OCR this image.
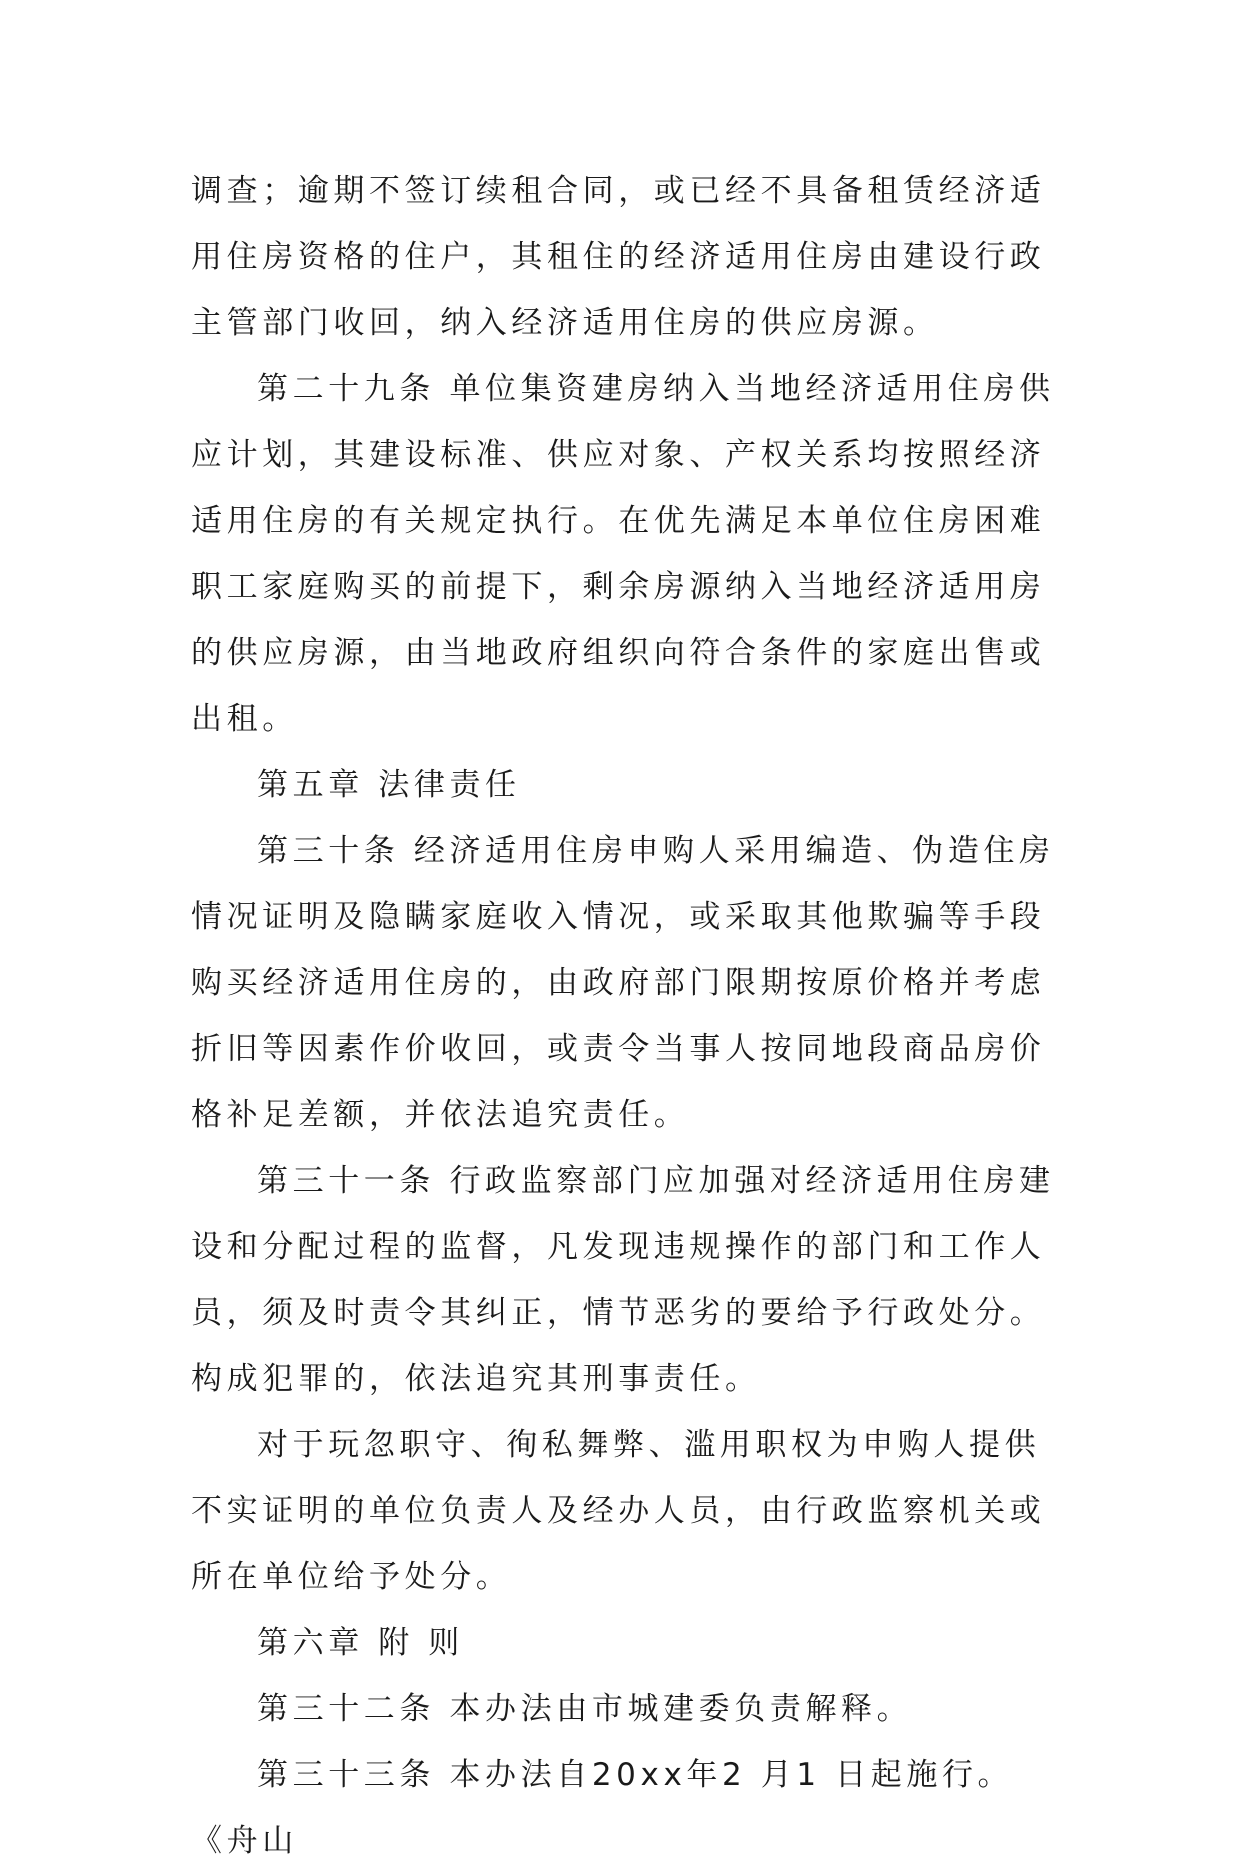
调查；逾期不签订续租合同，或已经不具备租赁经济适用住房资格的住户，其租住的经济适用住房由建设行政主管部门收回，纳入经济适用住房的供应房源。

第二十九条 单位集资建房纳入当地经济适用住房供应计划，其建设标准、供应对象、产权关系均按照经济适用住房的有关规定执行。在优先满足本单位住房困难职工家庭购买的前提下，剩余房源纳入当地经济适用房的供应房源，由当地政府组织向符合条件的家庭出售或出租。

第五章 法律责任

第三十条 经济适用住房申购人采用编造、伪造住房情况证明及隐瞒家庭收入情况，或采取其他欺骗等手段购买经济适用住房的，由政府部门限期按原价格并考虑折旧等因素作价收回，或责令当事人按同地段商品房价格补足差额，并依法追究责任。

第三十一条 行政监察部门应加强对经济适用住房建设和分配过程的监督，凡发现违规操作的部门和工作人员，须及时责令其纠正，情节恶劣的要给予行政处分。构成犯罪的，依法追究其刑事责任。

对于玩忽职守、徇私舞弊、滥用职权为申购人提供不实证明的单位负责人及经办人员，由行政监察机关或所在单位给予处分。

第六章 附 则

第三十二条 本办法由市城建委负责解释。

第三十三条 本办法自20xx年2 月1 日起施行。《舟山
